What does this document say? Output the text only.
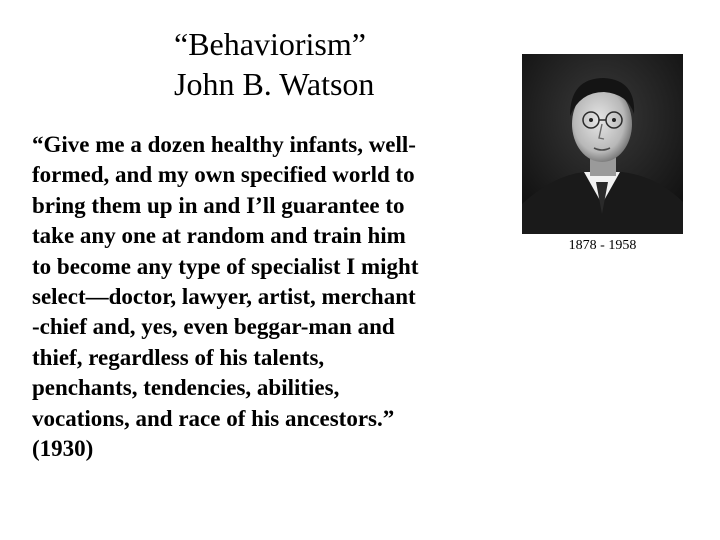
“Behaviorism”
John B. Watson

“Give me a dozen healthy infants, well-
formed, and my own specified world to
bring them up in and I’ll guarantee to
take any one at random and train him
to become any type of specialist I might
select—doctor, lawyer, artist, merchant
-chief and, yes, even beggar-man and
thief, regardless of his talents,
penchants, tendencies, abilities,
vocations, and race of his ancestors.”
(1930)

1878 - 1958
